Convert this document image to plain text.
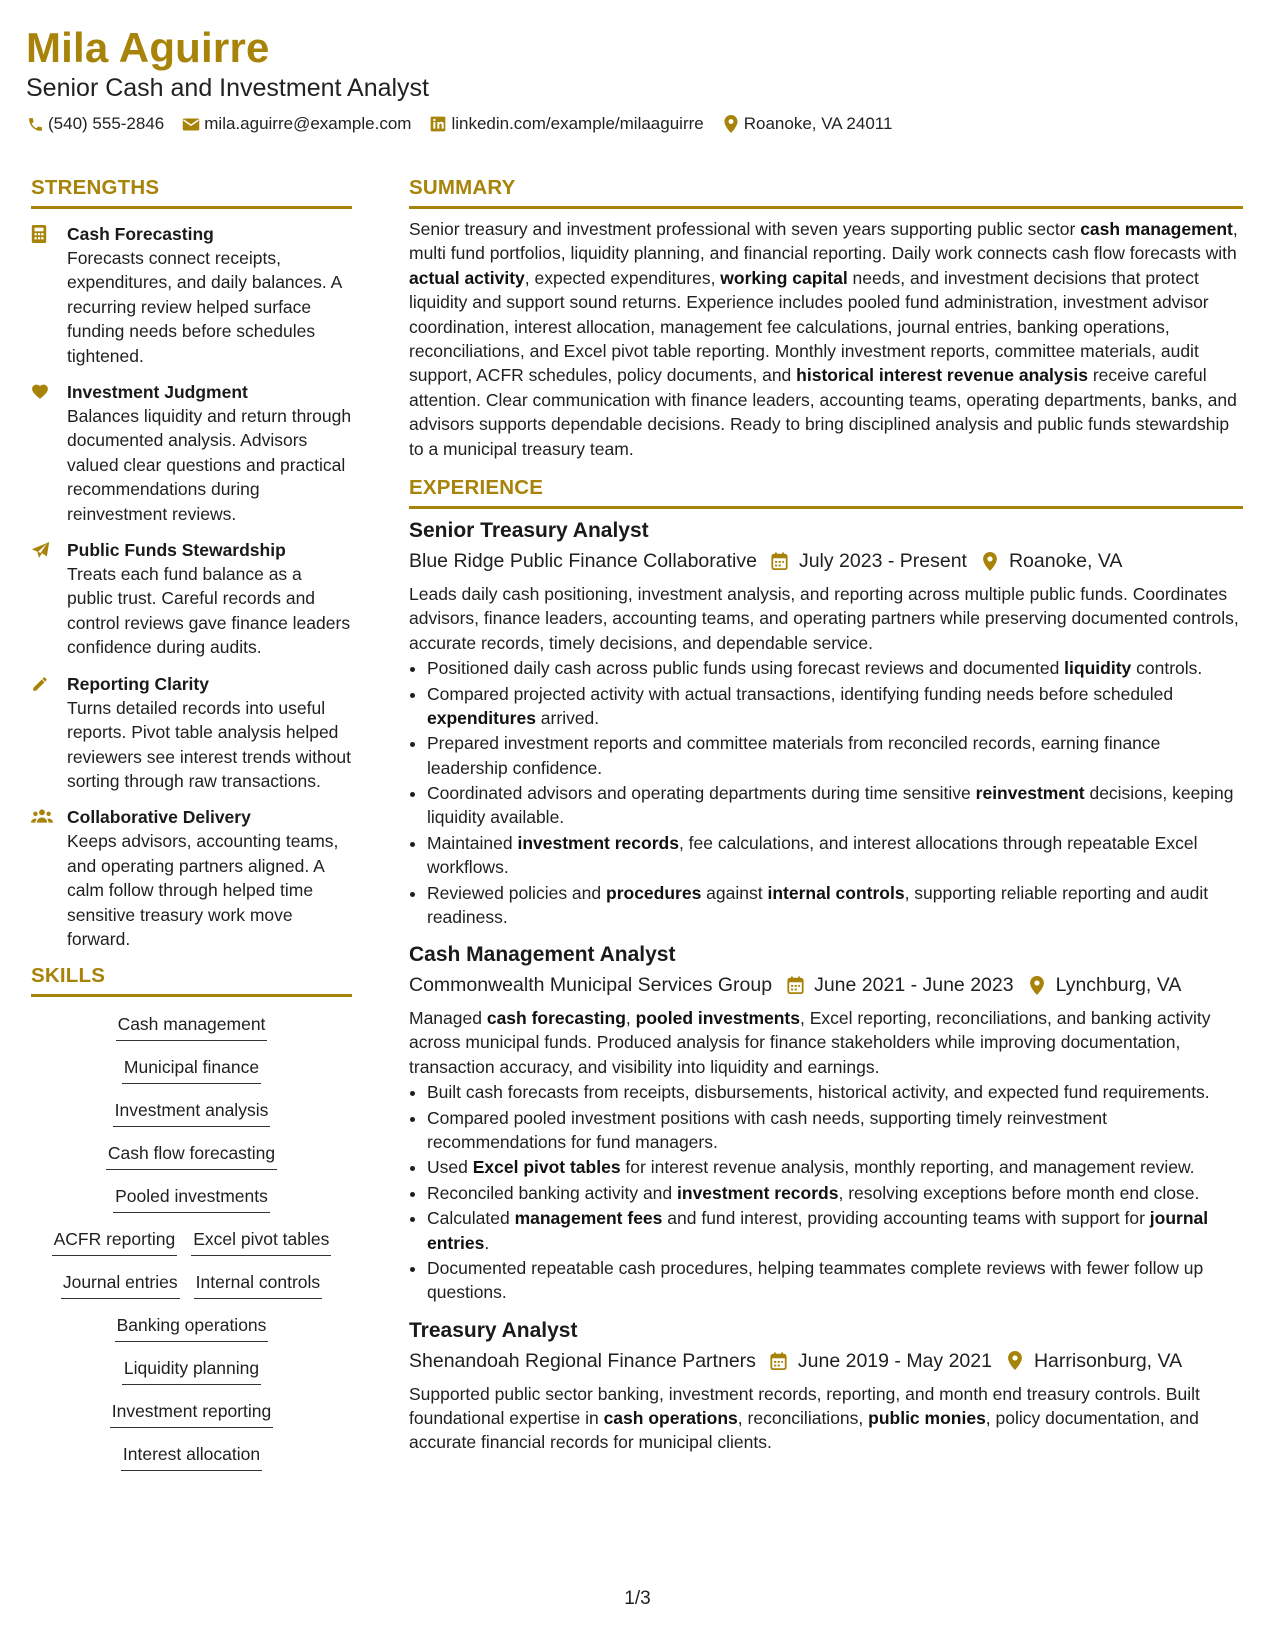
Mila Aguirre
Senior Cash and Investment Analyst
(540) 555-2846 mila.aguirre@example.com linkedin.com/example/milaaguirre Roanoke, VA 24011
STRENGTHS
Cash Forecasting
Forecasts connect receipts, expenditures, and daily balances. A recurring review helped surface funding needs before schedules tightened.
Investment Judgment
Balances liquidity and return through documented analysis. Advisors valued clear questions and practical recommendations during reinvestment reviews.
Public Funds Stewardship
Treats each fund balance as a public trust. Careful records and control reviews gave finance leaders confidence during audits.
Reporting Clarity
Turns detailed records into useful reports. Pivot table analysis helped reviewers see interest trends without sorting through raw transactions.
Collaborative Delivery
Keeps advisors, accounting teams, and operating partners aligned. A calm follow through helped time sensitive treasury work move forward.
SKILLS
Cash management
Municipal finance
Investment analysis
Cash flow forecasting
Pooled investments
ACFR reporting Excel pivot tables
Journal entries Internal controls
Banking operations
Liquidity planning
Investment reporting
Interest allocation
SUMMARY
Senior treasury and investment professional with seven years supporting public sector cash management, multi fund portfolios, liquidity planning, and financial reporting. Daily work connects cash flow forecasts with actual activity, expected expenditures, working capital needs, and investment decisions that protect liquidity and support sound returns. Experience includes pooled fund administration, investment advisor coordination, interest allocation, management fee calculations, journal entries, banking operations, reconciliations, and Excel pivot table reporting. Monthly investment reports, committee materials, audit support, ACFR schedules, policy documents, and historical interest revenue analysis receive careful attention. Clear communication with finance leaders, accounting teams, operating departments, banks, and advisors supports dependable decisions. Ready to bring disciplined analysis and public funds stewardship to a municipal treasury team.
EXPERIENCE
Senior Treasury Analyst
Blue Ridge Public Finance Collaborative July 2023 - Present Roanoke, VA
Leads daily cash positioning, investment analysis, and reporting across multiple public funds. Coordinates advisors, finance leaders, accounting teams, and operating partners while preserving documented controls, accurate records, timely decisions, and dependable service.
• Positioned daily cash across public funds using forecast reviews and documented liquidity controls.
• Compared projected activity with actual transactions, identifying funding needs before scheduled expenditures arrived.
• Prepared investment reports and committee materials from reconciled records, earning finance leadership confidence.
• Coordinated advisors and operating departments during time sensitive reinvestment decisions, keeping liquidity available.
• Maintained investment records, fee calculations, and interest allocations through repeatable Excel workflows.
• Reviewed policies and procedures against internal controls, supporting reliable reporting and audit readiness.
Cash Management Analyst
Commonwealth Municipal Services Group June 2021 - June 2023 Lynchburg, VA
Managed cash forecasting, pooled investments, Excel reporting, reconciliations, and banking activity across municipal funds. Produced analysis for finance stakeholders while improving documentation, transaction accuracy, and visibility into liquidity and earnings.
• Built cash forecasts from receipts, disbursements, historical activity, and expected fund requirements.
• Compared pooled investment positions with cash needs, supporting timely reinvestment recommendations for fund managers.
• Used Excel pivot tables for interest revenue analysis, monthly reporting, and management review.
• Reconciled banking activity and investment records, resolving exceptions before month end close.
• Calculated management fees and fund interest, providing accounting teams with support for journal entries.
• Documented repeatable cash procedures, helping teammates complete reviews with fewer follow up questions.
Treasury Analyst
Shenandoah Regional Finance Partners June 2019 - May 2021 Harrisonburg, VA
Supported public sector banking, investment records, reporting, and month end treasury controls. Built foundational expertise in cash operations, reconciliations, public monies, policy documentation, and accurate financial records for municipal clients.
1/3
